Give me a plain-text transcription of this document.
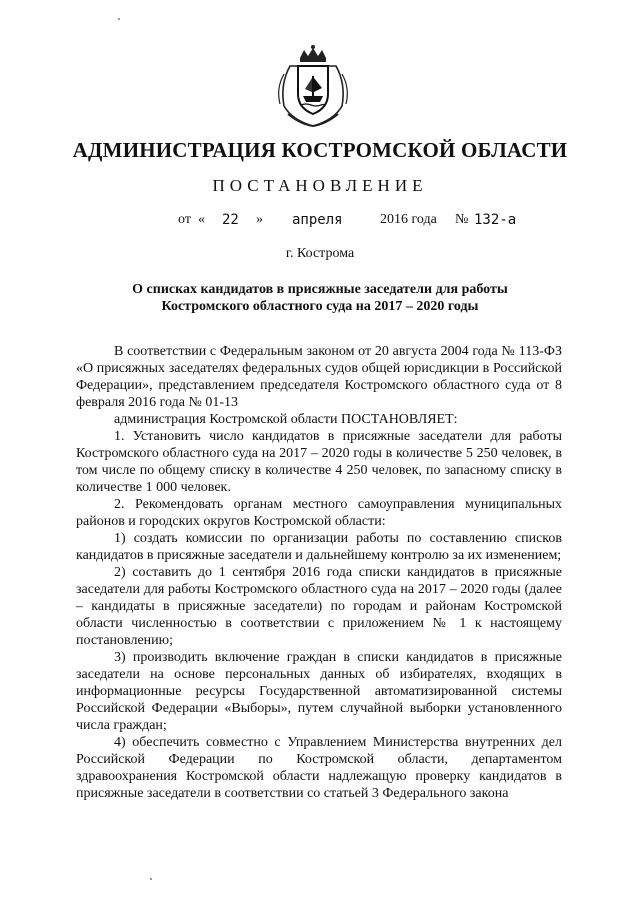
АДМИНИСТРАЦИЯ КОСТРОМСКОЙ ОБЛАСТИ
ПОСТАНОВЛЕНИЕ
от « 22 » апреля	2016 года № 132-а
г. Кострома
О списках кандидатов в присяжные заседатели для работы
Костромского областного суда на 2017 – 2020 годы

В соответствии с Федеральным законом от 20 августа 2004 года № 113-ФЗ «О присяжных заседателях федеральных судов общей юрисдикции в Российской Федерации», представлением председателя Костромского областного суда от 8 февраля 2016 года № 01-13

администрация Костромской области ПОСТАНОВЛЯЕТ:

1. Установить число кандидатов в присяжные заседатели для работы Костромского областного суда на 2017 – 2020 годы в количестве 5 250 человек, в том числе по общему списку в количестве 4 250 человек, по запасному списку в количестве 1 000 человек.

2. Рекомендовать органам местного самоуправления муниципальных районов и городских округов Костромской области:

1) создать комиссии по организации работы по составлению списков кандидатов в присяжные заседатели и дальнейшему контролю за их изменением;

2) составить до 1 сентября 2016 года списки кандидатов в присяжные заседатели для работы Костромского областного суда на 2017 – 2020 годы (далее – кандидаты в присяжные заседатели) по городам и районам Костромской области численностью в соответствии с приложением № 1 к настоящему постановлению;

3) производить включение граждан в списки кандидатов в присяжные заседатели на основе персональных данных об избирателях, входящих в информационные ресурсы Государственной автоматизированной системы Российской Федерации «Выборы», путем случайной выборки установленного числа граждан;

4) обеспечить совместно с Управлением Министерства внутренних дел Российской Федерации по Костромской области, департаментом здравоохранения Костромской области надлежащую проверку кандидатов в присяжные заседатели в соответствии со статьей 3 Федерального закона
